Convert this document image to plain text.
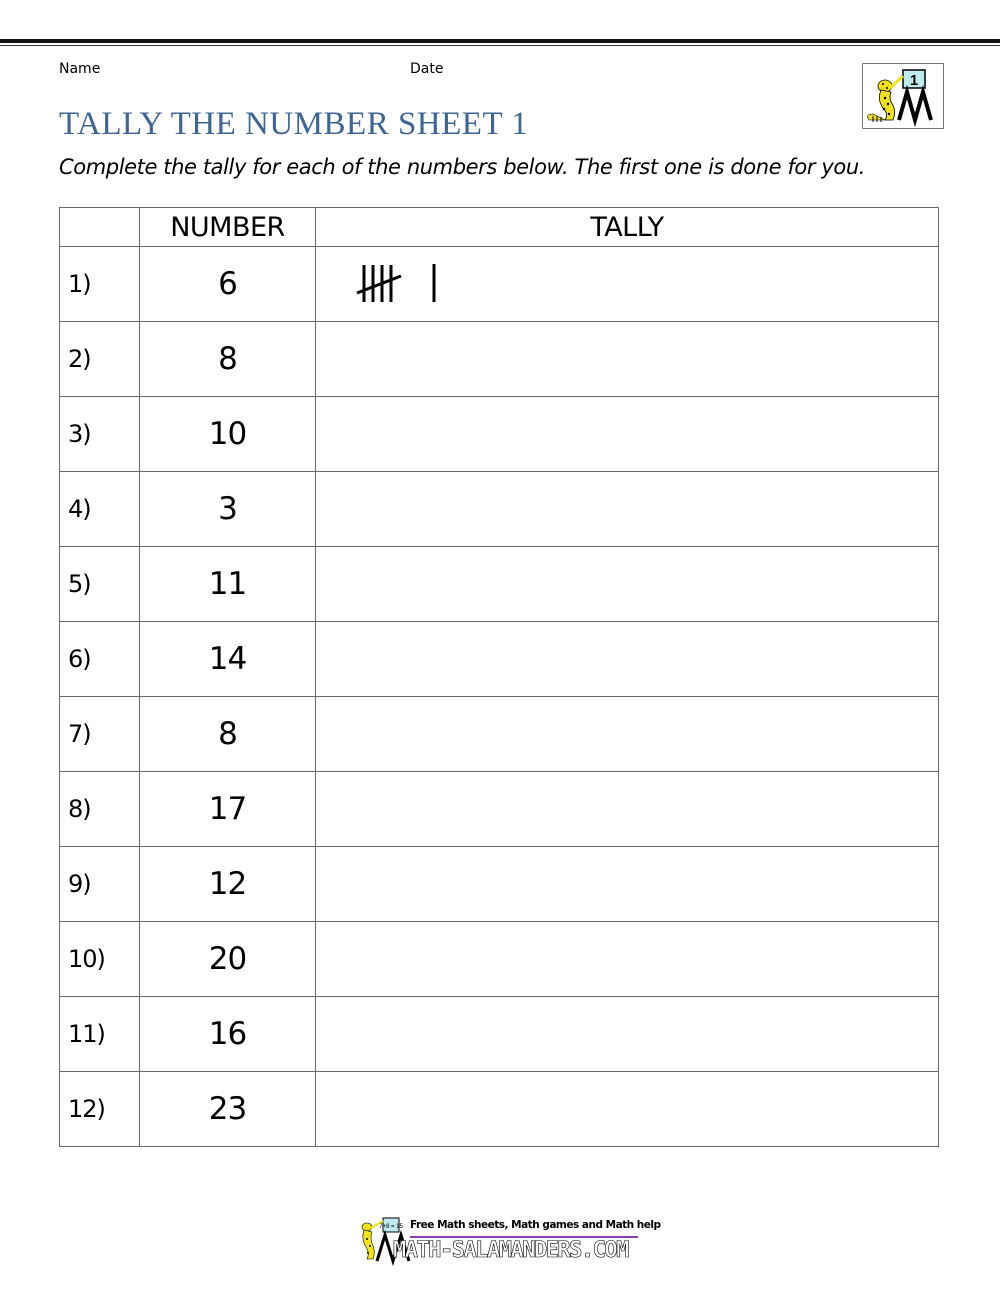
Name	Date
1
TALLY THE NUMBER SHEET 1
Complete the tally for each of the numbers below. The first one is done for you.
	NUMBER	TALLY
1)	6	

2)	8	
3)	10	
4)	3	
5)	11	
6)	14	
7)	8	
8)	17	
9)	12	
10)	20	
11)	16	
12)	23	
7+8 = 15 Free Math sheets, Math games and Math help
MATH-SALAMANDERS.COM
